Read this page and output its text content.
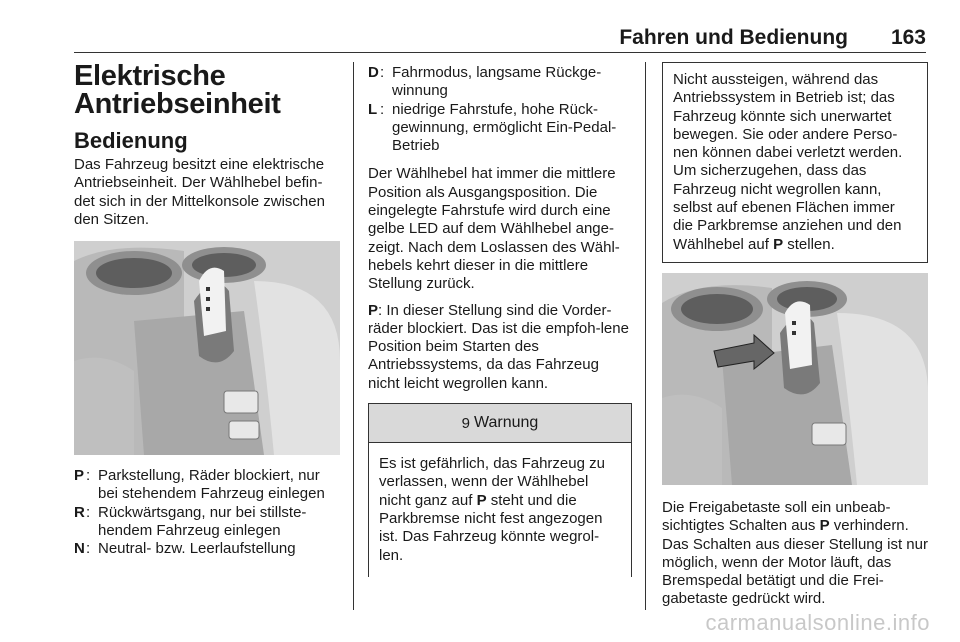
Fahren und Bedienung 163
Elektrische
Antriebseinheit
Bedienung

Das Fahrzeug besitzt eine elektrische Antriebseinheit. Der Wählhebel befin-det sich in der Mittelkonsole zwischen den Sitzen.

P : Parkstellung, Räder blockiert, nur bei stehendem Fahrzeug einlegen
R : Rückwärtsgang, nur bei stillste-hendem Fahrzeug einlegen
N : Neutral- bzw. Leerlaufstellung
D : Fahrmodus, langsame Rückge-winnung
L : niedrige Fahrstufe, hohe Rück-gewinnung, ermöglicht Ein-Pedal-Betrieb

Der Wählhebel hat immer die mittlere Position als Ausgangsposition. Die eingelegte Fahrstufe wird durch eine gelbe LED auf dem Wählhebel ange-zeigt. Nach dem Loslassen des Wähl-hebels kehrt dieser in die mittlere Stellung zurück.

P: In dieser Stellung sind die Vorder-räder blockiert. Das ist die empfoh-lene Position beim Starten des Antriebssystems, da das Fahrzeug nicht leicht wegrollen kann.

9 Warnung

Es ist gefährlich, das Fahrzeug zu verlassen, wenn der Wählhebel nicht ganz auf P steht und die Parkbremse nicht fest angezogen ist. Das Fahrzeug könnte wegrol-len.

Nicht aussteigen, während das Antriebssystem in Betrieb ist; das Fahrzeug könnte sich unerwartet bewegen. Sie oder andere Perso-nen können dabei verletzt werden. Um sicherzugehen, dass das Fahrzeug nicht wegrollen kann, selbst auf ebenen Flächen immer die Parkbremse anziehen und den Wählhebel auf P stellen.

Die Freigabetaste soll ein unbeab-sichtigtes Schalten aus P verhindern. Das Schalten aus dieser Stellung ist nur möglich, wenn der Motor läuft, das Bremspedal betätigt und die Frei-gabetaste gedrückt wird.

carmanualsonline.info
